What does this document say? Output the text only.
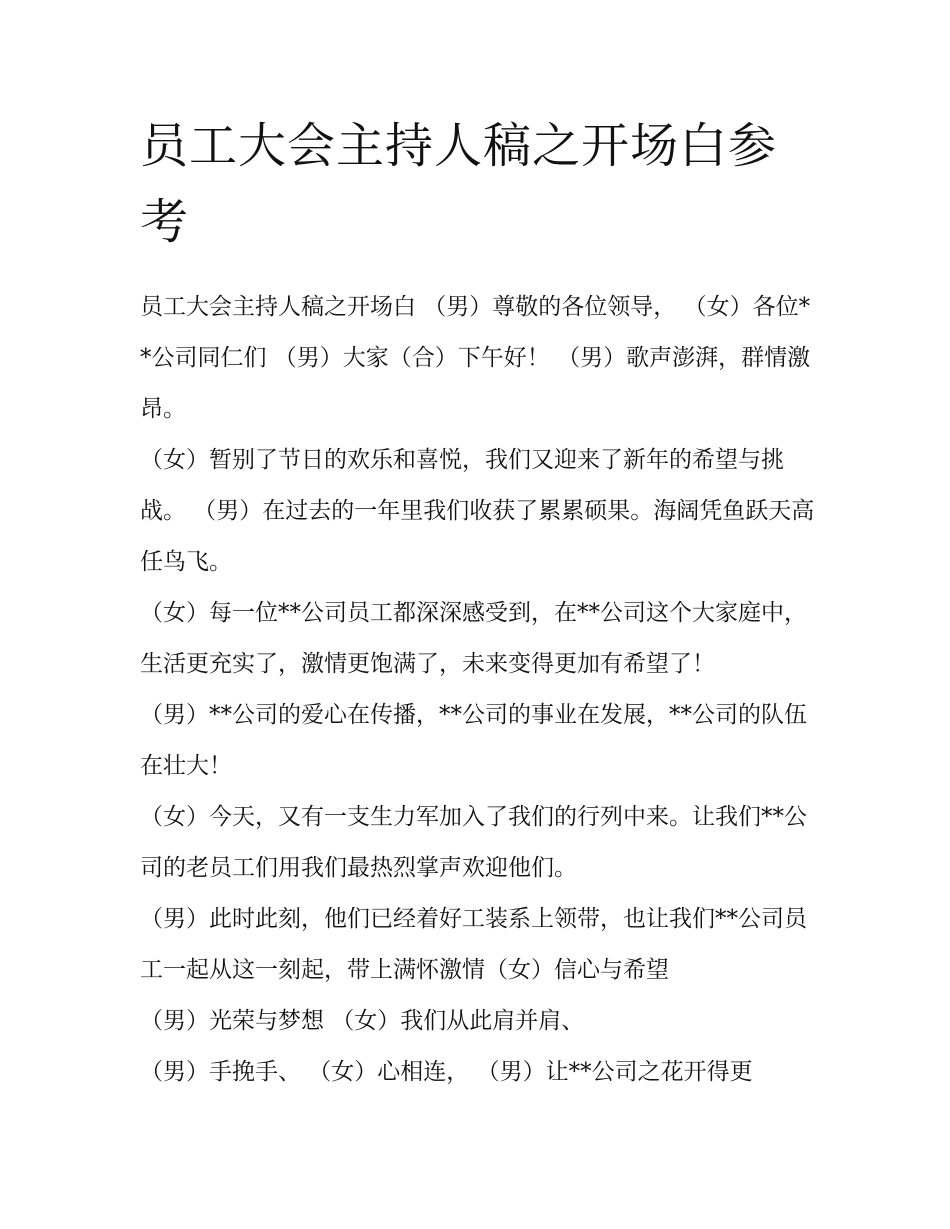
员工大会主持人稿之开场白参考

员工大会主持人稿之开场白 （男）尊敬的各位领导， （女）各位**公司同仁们 （男）大家（合）下午好！ （男）歌声澎湃，群情激昂。

（女）暂别了节日的欢乐和喜悦，我们又迎来了新年的希望与挑战。 （男）在过去的一年里我们收获了累累硕果。海阔凭鱼跃天高任鸟飞。

（女）每一位**公司员工都深深感受到，在**公司这个大家庭中，生活更充实了，激情更饱满了，未来变得更加有希望了！

（男）**公司的爱心在传播，**公司的事业在发展，**公司的队伍在壮大！

（女）今天，又有一支生力军加入了我们的行列中来。让我们**公司的老员工们用我们最热烈掌声欢迎他们。

（男）此时此刻，他们已经着好工装系上领带，也让我们**公司员工一起从这一刻起，带上满怀激情（女）信心与希望

（男）光荣与梦想 （女）我们从此肩并肩、

（男）手挽手、 （女）心相连， （男）让**公司之花开得更
